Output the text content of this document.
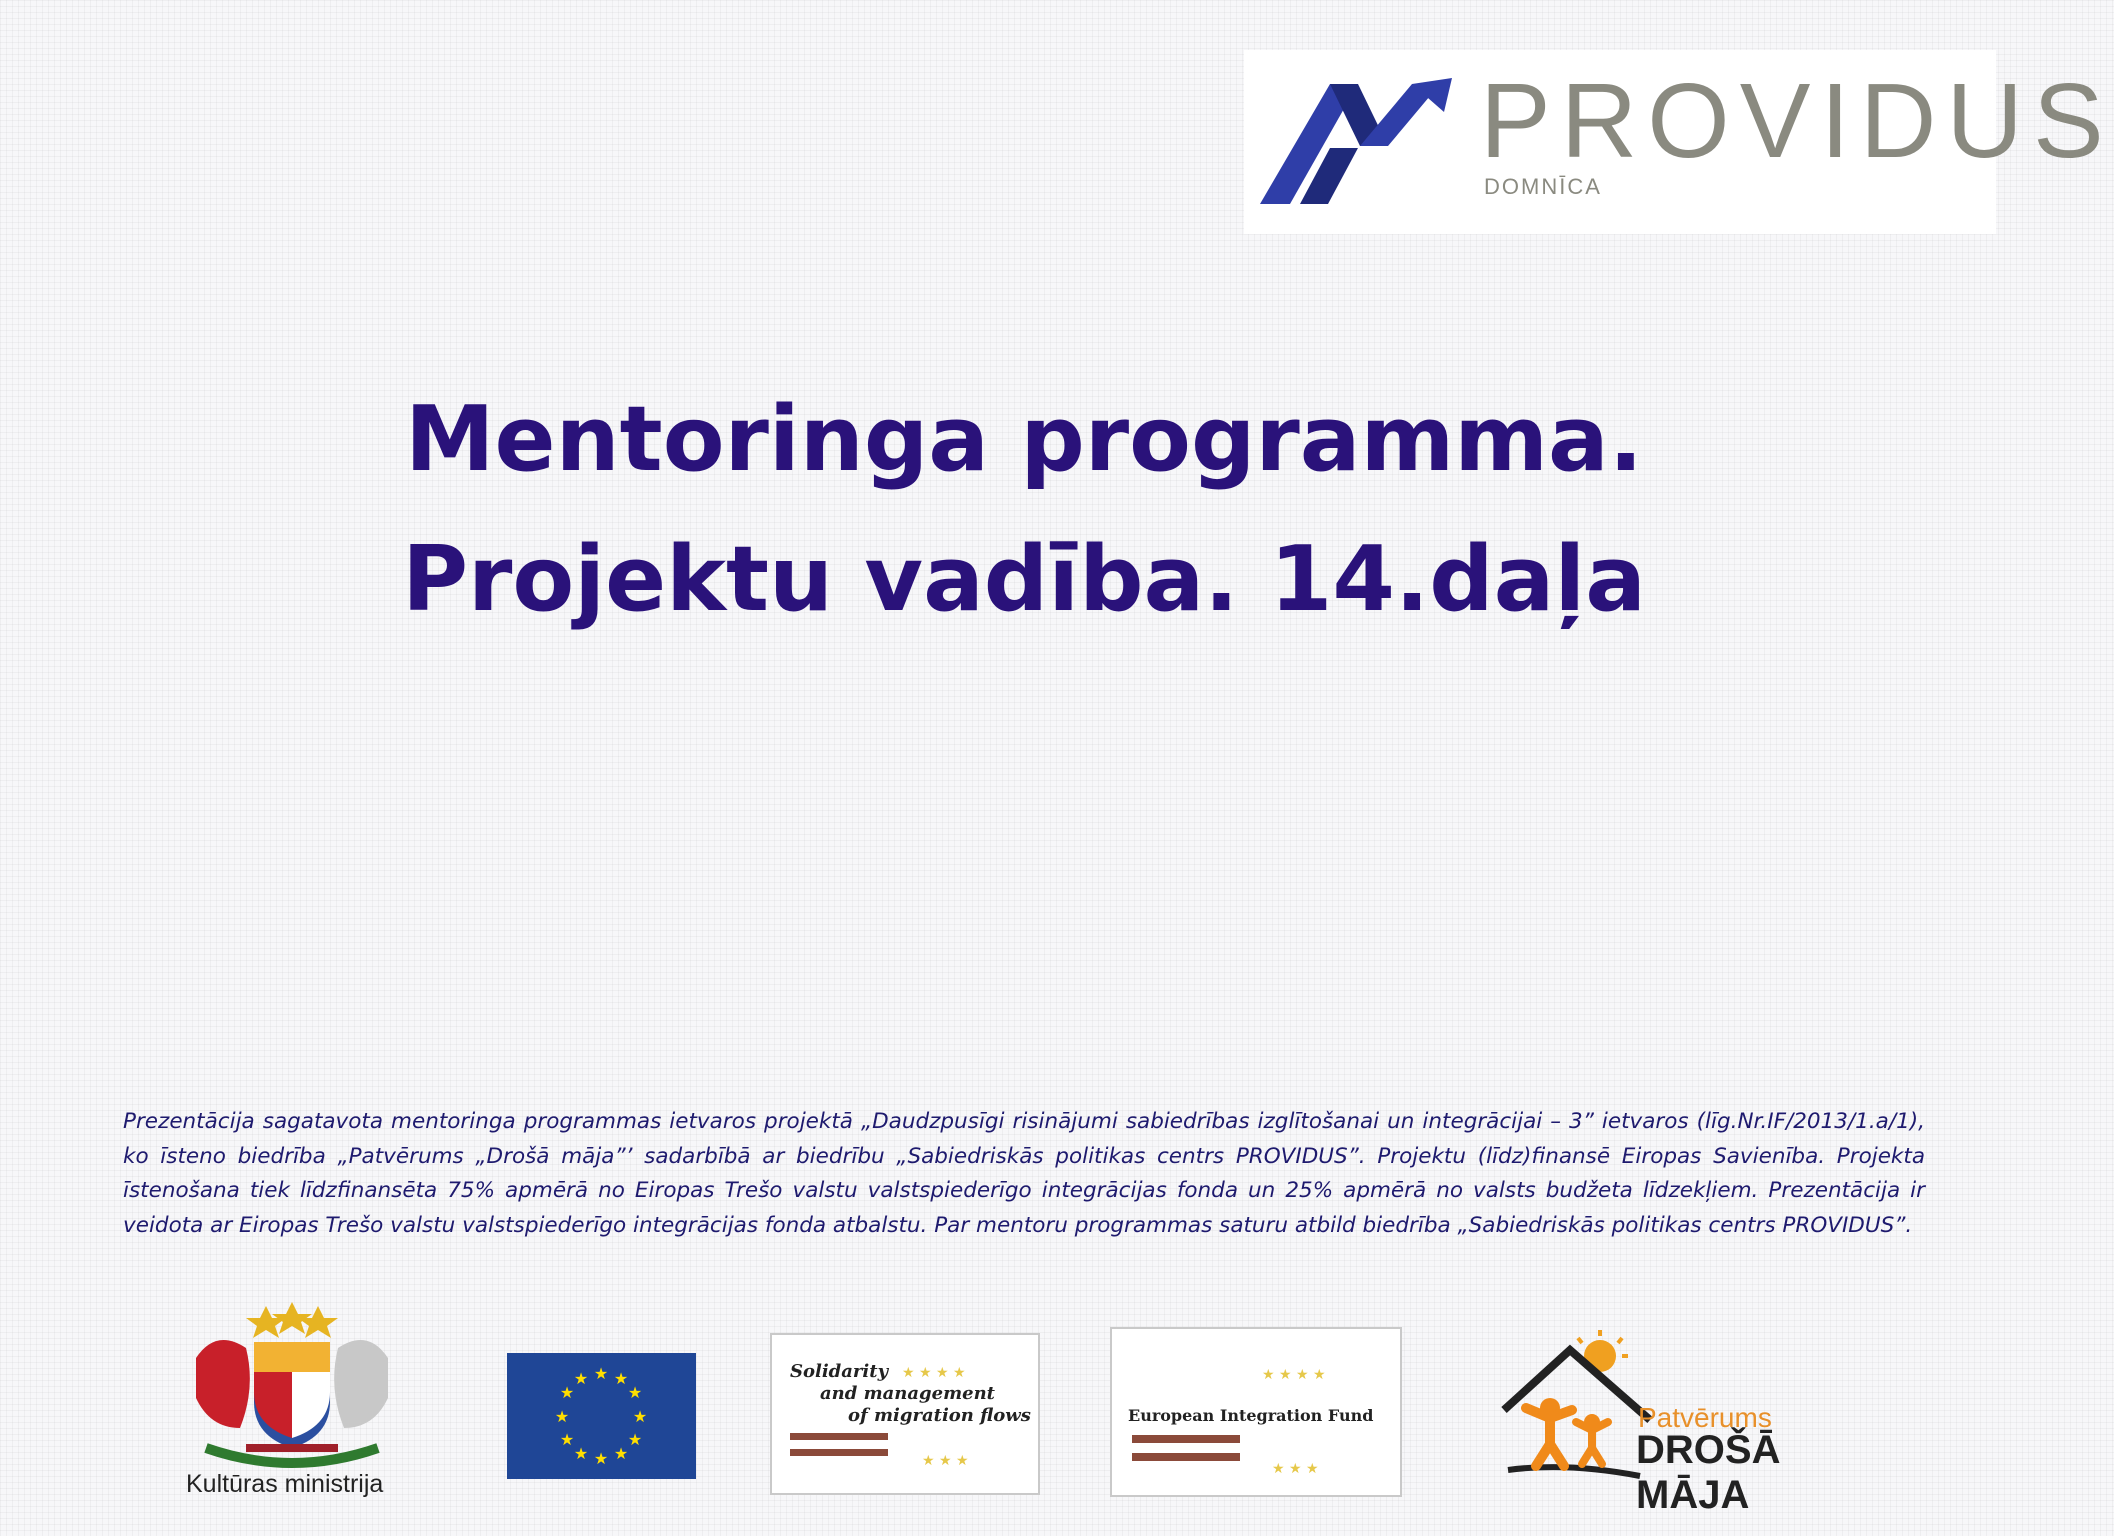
PROVIDUS
DOMNĪCA
Mentoringa programma.
Projektu vadība. 14.daļa

Prezentācija sagatavota mentoringa programmas ietvaros projektā „Daudzpusīgi risinājumi sabiedrības izglītošanai un integrācijai – 3” ietvaros (līg.Nr.IF/2013/1.a/1), ko īsteno biedrība „Patvērums „Drošā māja”’ sadarbībā ar biedrību „Sabiedriskās politikas centrs PROVIDUS”. Projektu (līdz)finansē Eiropas Savienība. Projekta īstenošana tiek līdzfinansēta 75% apmērā no Eiropas Trešo valstu valstspiederīgo integrācijas fonda un 25% apmērā no valsts budžeta līdzekļiem. Prezentācija ir veidota ar Eiropas Trešo valstu valstspiederīgo integrācijas fonda atbalstu. Par mentoru programmas saturu atbild biedrība „Sabiedriskās politikas centrs PROVIDUS”.

Kultūras ministrija
★ ★
★
★
★
★
★
★
★
★
★
★	★ ★ ★ ★
★ ★ ★
Solidarity
and management
of migration flows
★ ★ ★ ★
★ ★ ★
European Integration Fund	Patvērums
DROŠĀ MĀJA
